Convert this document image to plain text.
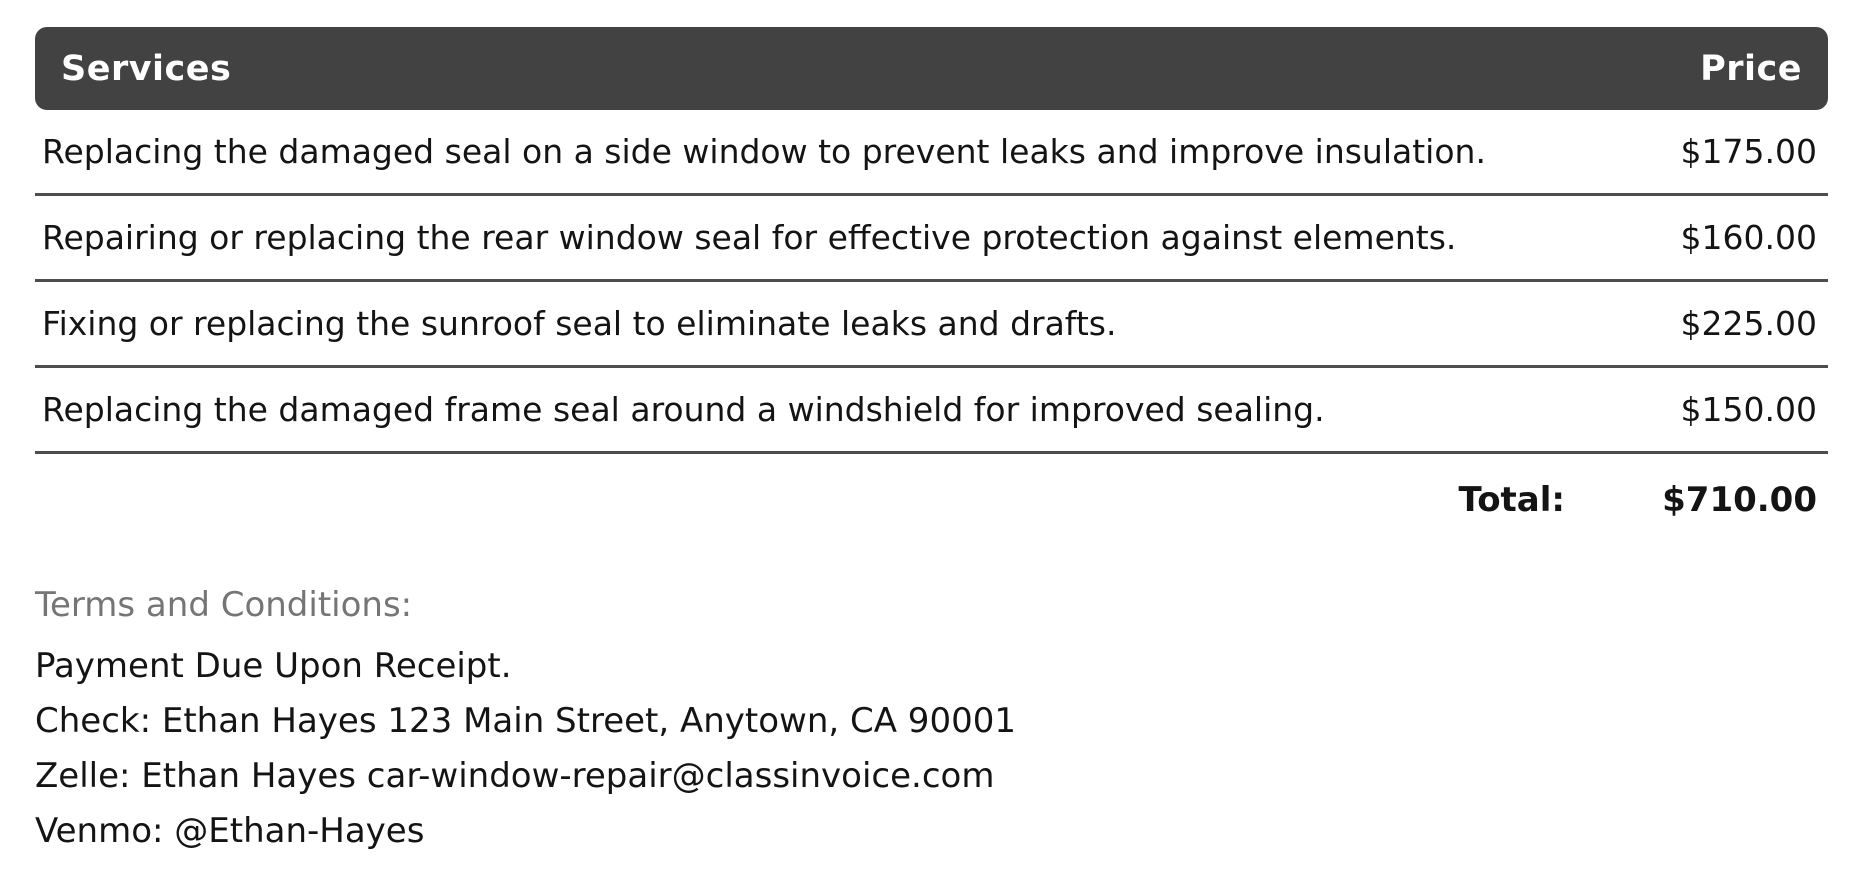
Services	Price
Replacing the damaged seal on a side window to prevent leaks and improve insulation.	$175.00
Repairing or replacing the rear window seal for effective protection against elements.	$160.00
Fixing or replacing the sunroof seal to eliminate leaks and drafts.	$225.00
Replacing the damaged frame seal around a windshield for improved sealing.	$150.00
Total:	$710.00
Terms and Conditions:
Payment Due Upon Receipt.
Check: Ethan Hayes 123 Main Street, Anytown, CA 90001
Zelle: Ethan Hayes car-window-repair@classinvoice.com
Venmo: @Ethan-Hayes
